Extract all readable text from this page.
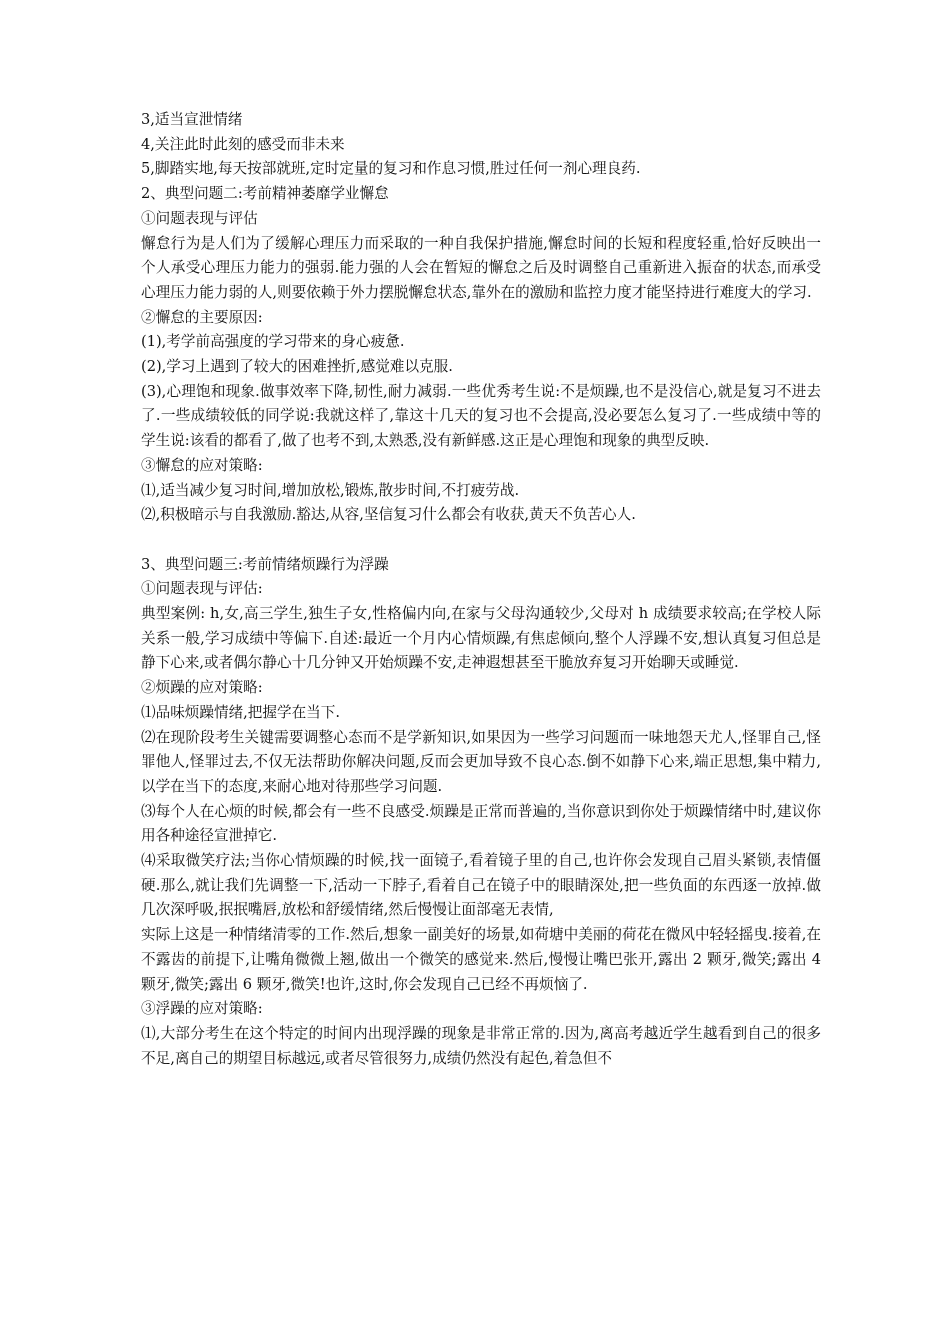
3,适当宣泄情绪

4,关注此时此刻的感受而非未来

5,脚踏实地,每天按部就班,定时定量的复习和作息习惯,胜过任何一剂心理良药.

2、典型问题二:考前精神萎靡学业懈怠

①问题表现与评估

懈怠行为是人们为了缓解心理压力而采取的一种自我保护措施,懈怠时间的长短和程度轻重,恰好反映出一个人承受心理压力能力的强弱.能力强的人会在暂短的懈怠之后及时调整自己重新进入振奋的状态,而承受心理压力能力弱的人,则要依赖于外力摆脱懈怠状态,靠外在的激励和监控力度才能坚持进行难度大的学习.

②懈怠的主要原因:

(1),考学前高强度的学习带来的身心疲惫.

(2),学习上遇到了较大的困难挫折,感觉难以克服.

(3),心理饱和现象.做事效率下降,韧性,耐力减弱.一些优秀考生说:不是烦躁,也不是没信心,就是复习不进去了.一些成绩较低的同学说:我就这样了,靠这十几天的复习也不会提高,没必要怎么复习了.一些成绩中等的学生说:该看的都看了,做了也考不到,太熟悉,没有新鲜感.这正是心理饱和现象的典型反映.

③懈怠的应对策略:

⑴,适当减少复习时间,增加放松,锻炼,散步时间,不打疲劳战.

⑵,积极暗示与自我激励.豁达,从容,坚信复习什么都会有收获,黄天不负苦心人.

3、典型问题三:考前情绪烦躁行为浮躁

①问题表现与评估:

典型案例: h,女,高三学生,独生子女,性格偏内向,在家与父母沟通较少,父母对 h 成绩要求较高;在学校人际关系一般,学习成绩中等偏下.自述:最近一个月内心情烦躁,有焦虑倾向,整个人浮躁不安,想认真复习但总是静下心来,或者偶尔静心十几分钟又开始烦躁不安,走神遐想甚至干脆放弃复习开始聊天或睡觉.

②烦躁的应对策略:

⑴品味烦躁情绪,把握学在当下.

⑵在现阶段考生关键需要调整心态而不是学新知识,如果因为一些学习问题而一味地怨天尤人,怪罪自己,怪罪他人,怪罪过去,不仅无法帮助你解决问题,反而会更加导致不良心态.倒不如静下心来,端正思想,集中精力,以学在当下的态度,来耐心地对待那些学习问题.

⑶每个人在心烦的时候,都会有一些不良感受.烦躁是正常而普遍的,当你意识到你处于烦躁情绪中时,建议你用各种途径宣泄掉它.

⑷采取微笑疗法;当你心情烦躁的时候,找一面镜子,看着镜子里的自己,也许你会发现自己眉头紧锁,表情僵硬.那么,就让我们先调整一下,活动一下脖子,看着自己在镜子中的眼睛深处,把一些负面的东西逐一放掉.做几次深呼吸,抿抿嘴唇,放松和舒缓情绪,然后慢慢让面部毫无表情,

实际上这是一种情绪清零的工作.然后,想象一副美好的场景,如荷塘中美丽的荷花在微风中轻轻摇曳.接着,在不露齿的前提下,让嘴角微微上翘,做出一个微笑的感觉来.然后,慢慢让嘴巴张开,露出 2 颗牙,微笑;露出 4 颗牙,微笑;露出 6 颗牙,微笑!也许,这时,你会发现自己已经不再烦恼了.

③浮躁的应对策略:

⑴,大部分考生在这个特定的时间内出现浮躁的现象是非常正常的.因为,离高考越近学生越看到自己的很多不足,离自己的期望目标越远,或者尽管很努力,成绩仍然没有起色,着急但不
